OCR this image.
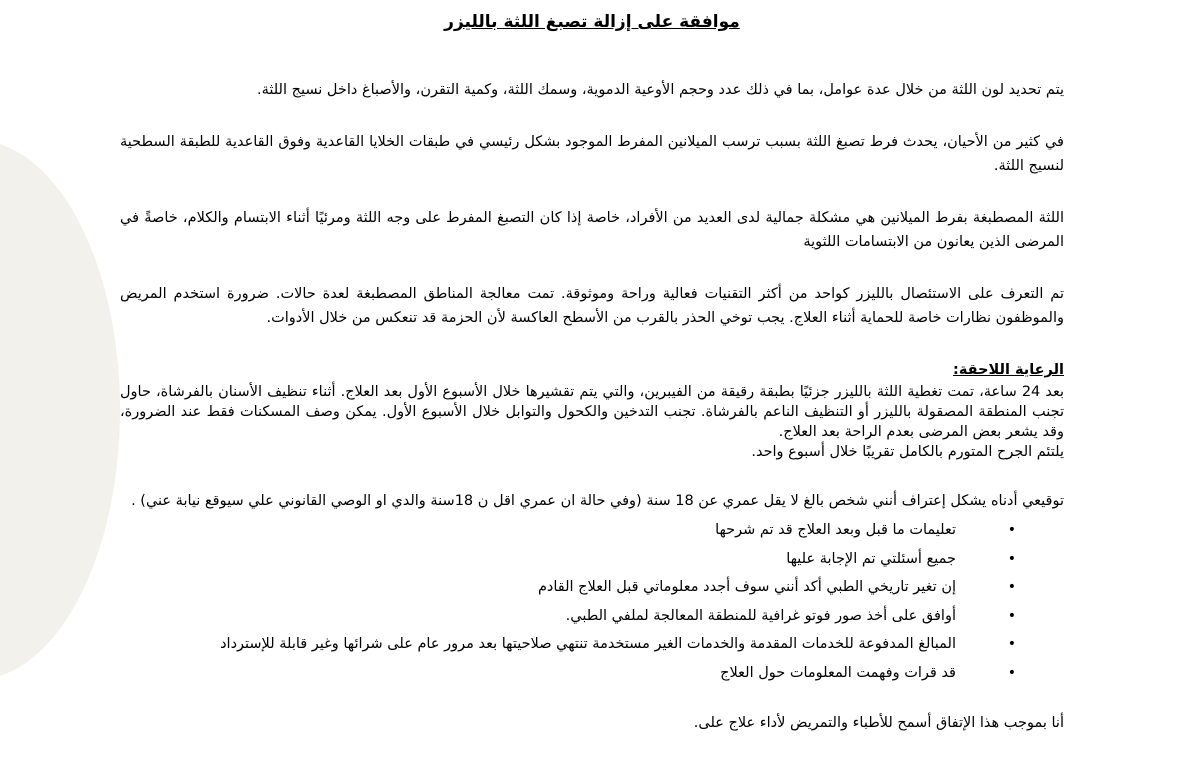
موافقة على إزالة تصبغ اللثة بالليزر

يتم تحديد لون اللثة من خلال عدة عوامل، بما في ذلك عدد وحجم الأوعية الدموية، وسمك اللثة، وكمية التقرن، والأصباغ داخل نسيج اللثة.

في كثير من الأحيان، يحدث فرط تصبغ اللثة بسبب ترسب الميلانين المفرط الموجود بشكل رئيسي في طبقات الخلايا القاعدية وفوق القاعدية للطبقة السطحية لنسيج اللثة.

اللثة المصطبغة بفرط الميلانين هي مشكلة جمالية لدى العديد من الأفراد، خاصة إذا كان التصبغ المفرط على وجه اللثة ومرئيًا أثناء الابتسام والكلام، خاصةً في المرضى الذين يعانون من الابتسامات اللثوية

تم التعرف على الاستئصال بالليزر كواحد من أكثر التقنيات فعالية وراحة وموثوقة. تمت معالجة المناطق المصطبغة لعدة حالات. ضرورة استخدم المريض والموظفون نظارات خاصة للحماية أثناء العلاج. يجب توخي الحذر بالقرب من الأسطح العاكسة لأن الحزمة قد تنعكس من خلال الأدوات.

الرعاية اللاحقة:

بعد 24 ساعة، تمت تغطية اللثة بالليزر جزئيًا بطبقة رقيقة من الفيبرين، والتي يتم تقشيرها خلال الأسبوع الأول بعد العلاج. أثناء تنظيف الأسنان بالفرشاة، حاول تجنب المنطقة المصقولة بالليزر أو التنظيف الناعم بالفرشاة. تجنب التدخين والكحول والتوابل خلال الأسبوع الأول. يمكن وصف المسكنات فقط عند الضرورة، وقد يشعر بعض المرضى بعدم الراحة بعد العلاج.

يلتئم الجرح المتورم بالكامل تقريبًا خلال أسبوع واحد.

توقيعي أدناه يشكل إعتراف أنني شخص بالغ لا يقل عمري عن 18 سنة (وفي حالة ان عمري اقل ن 18سنة والدي او الوصي القانوني علي سيوقع نيابة عني) .

• تعليمات ما قبل وبعد العلاج قد تم شرحها
• جميع أسئلتي تم الإجابة عليها
• إن تغير تاريخي الطبي أكد أنني سوف أجدد معلوماتي قبل العلاج القادم
• أوافق على أخذ صور فوتو غرافية للمنطقة المعالجة لملفي الطبي.
• المبالغ المدفوعة للخدمات المقدمة والخدمات الغير مستخدمة تنتهي صلاحيتها بعد مرور عام على شرائها وغير قابلة للإسترداد
• قد قرات وفهمت المعلومات حول العلاج

أنا بموجب هذا الإتفاق أسمح للأطباء والتمريض لأداء علاج على.
